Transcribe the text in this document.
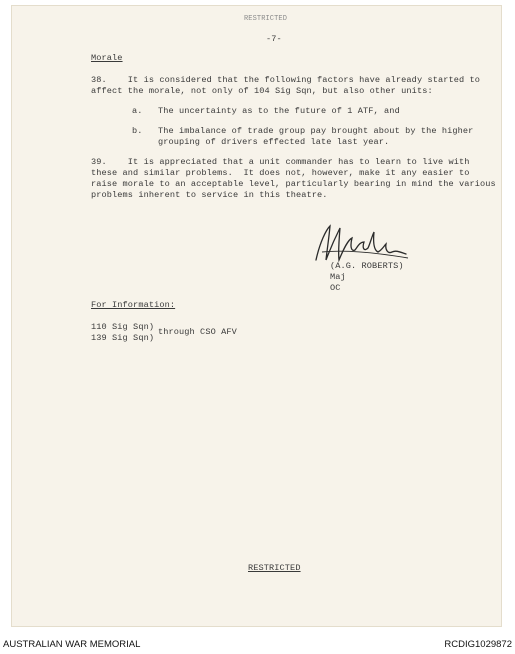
RESTRICTED
-7-
Morale
38.    It is considered that the following factors have already started to
affect the morale, not only of 104 Sig Sqn, but also other units:
a. The uncertainty as to the future of 1 ATF, and
b. The imbalance of trade group pay brought about by the higher
grouping of drivers effected late last year.
39.    It is appreciated that a unit commander has to learn to live with
these and similar problems.  It does not, however, make it any easier to
raise morale to an acceptable level, particularly bearing in mind the various
problems inherent to service in this theatre.
(A.G. ROBERTS)
Maj
OC
For Information:
110 Sig Sqn)
139 Sig Sqn)
through CSO AFV
RESTRICTED
AUSTRALIAN WAR MEMORIAL	RCDIG1029872
